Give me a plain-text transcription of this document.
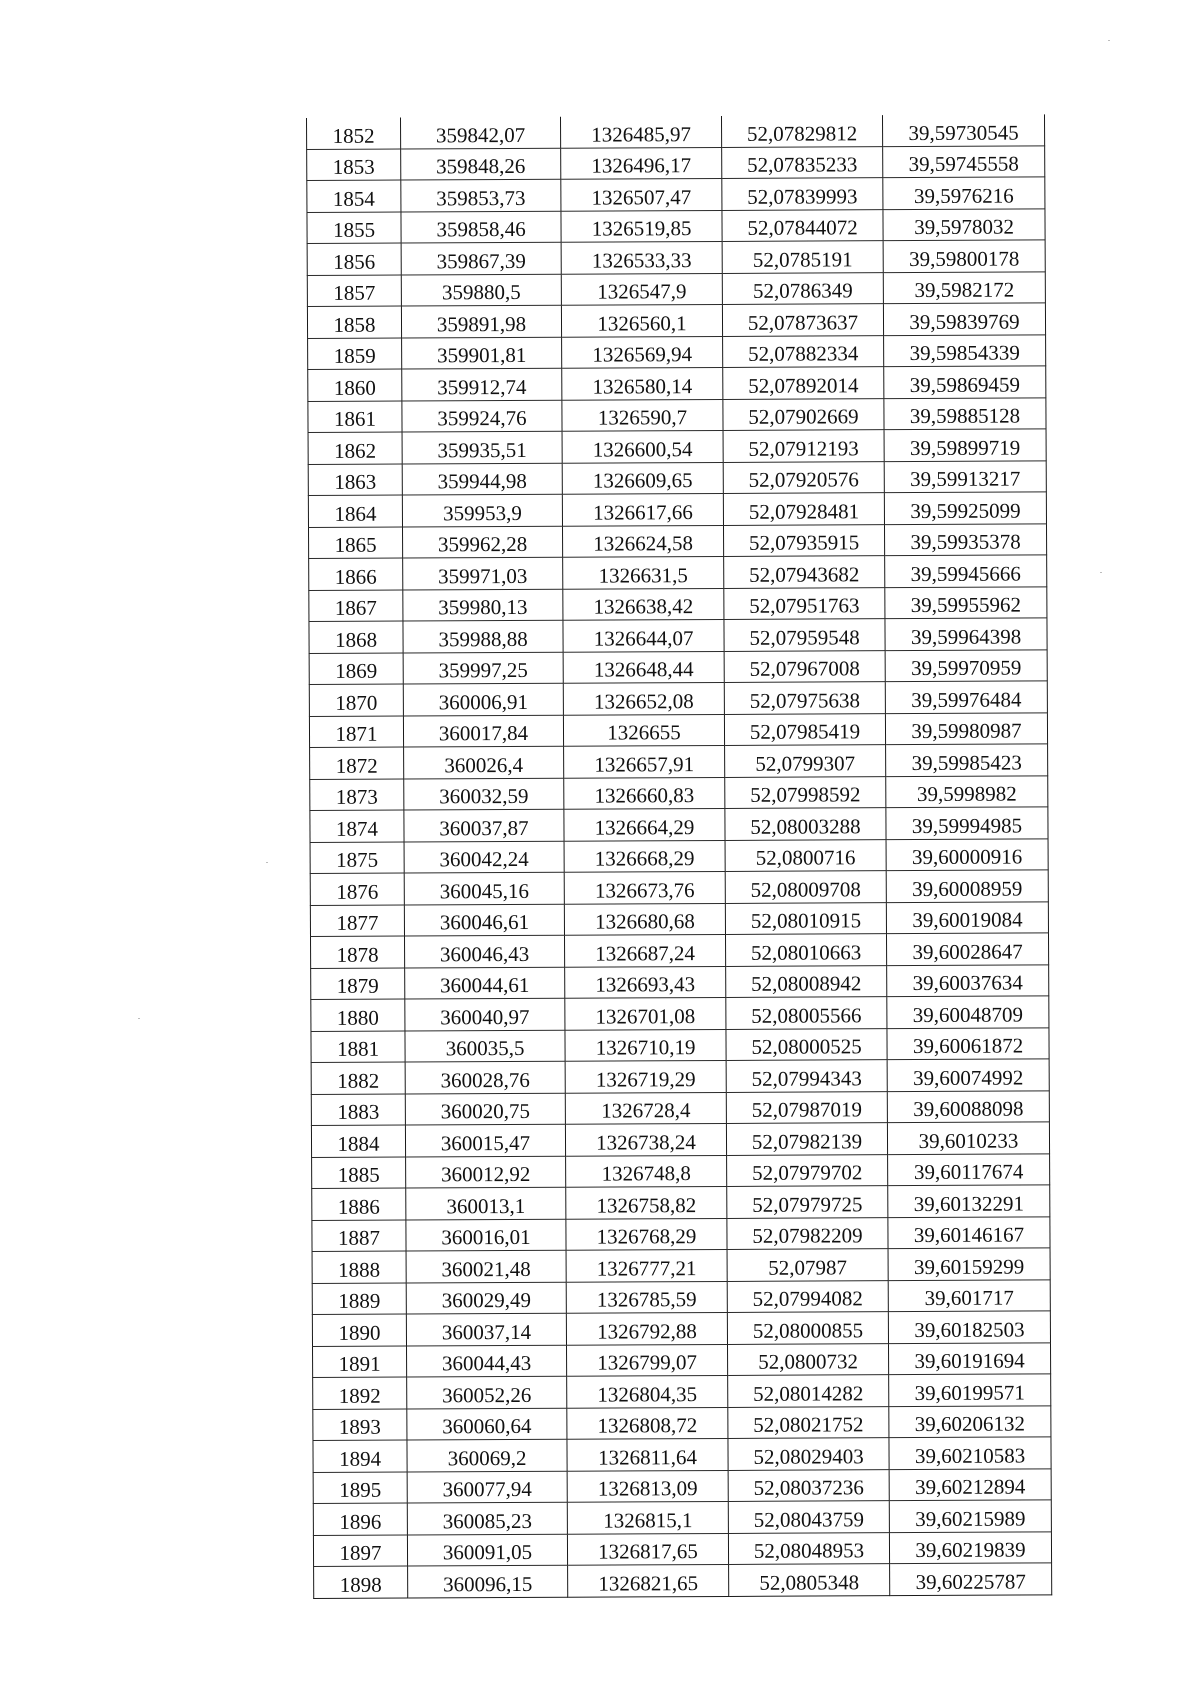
1852	359842,07	1326485,97	52,07829812	39,59730545
1853	359848,26	1326496,17	52,07835233	39,59745558
1854	359853,73	1326507,47	52,07839993	39,5976216
1855	359858,46	1326519,85	52,07844072	39,5978032
1856	359867,39	1326533,33	52,0785191	39,59800178
1857	359880,5	1326547,9	52,0786349	39,5982172
1858	359891,98	1326560,1	52,07873637	39,59839769
1859	359901,81	1326569,94	52,07882334	39,59854339
1860	359912,74	1326580,14	52,07892014	39,59869459
1861	359924,76	1326590,7	52,07902669	39,59885128
1862	359935,51	1326600,54	52,07912193	39,59899719
1863	359944,98	1326609,65	52,07920576	39,59913217
1864	359953,9	1326617,66	52,07928481	39,59925099
1865	359962,28	1326624,58	52,07935915	39,59935378
1866	359971,03	1326631,5	52,07943682	39,59945666
1867	359980,13	1326638,42	52,07951763	39,59955962
1868	359988,88	1326644,07	52,07959548	39,59964398
1869	359997,25	1326648,44	52,07967008	39,59970959
1870	360006,91	1326652,08	52,07975638	39,59976484
1871	360017,84	1326655	52,07985419	39,59980987
1872	360026,4	1326657,91	52,0799307	39,59985423
1873	360032,59	1326660,83	52,07998592	39,5998982
1874	360037,87	1326664,29	52,08003288	39,59994985
1875	360042,24	1326668,29	52,0800716	39,60000916
1876	360045,16	1326673,76	52,08009708	39,60008959
1877	360046,61	1326680,68	52,08010915	39,60019084
1878	360046,43	1326687,24	52,08010663	39,60028647
1879	360044,61	1326693,43	52,08008942	39,60037634
1880	360040,97	1326701,08	52,08005566	39,60048709
1881	360035,5	1326710,19	52,08000525	39,60061872
1882	360028,76	1326719,29	52,07994343	39,60074992
1883	360020,75	1326728,4	52,07987019	39,60088098
1884	360015,47	1326738,24	52,07982139	39,6010233
1885	360012,92	1326748,8	52,07979702	39,60117674
1886	360013,1	1326758,82	52,07979725	39,60132291
1887	360016,01	1326768,29	52,07982209	39,60146167
1888	360021,48	1326777,21	52,07987	39,60159299
1889	360029,49	1326785,59	52,07994082	39,601717
1890	360037,14	1326792,88	52,08000855	39,60182503
1891	360044,43	1326799,07	52,0800732	39,60191694
1892	360052,26	1326804,35	52,08014282	39,60199571
1893	360060,64	1326808,72	52,08021752	39,60206132
1894	360069,2	1326811,64	52,08029403	39,60210583
1895	360077,94	1326813,09	52,08037236	39,60212894
1896	360085,23	1326815,1	52,08043759	39,60215989
1897	360091,05	1326817,65	52,08048953	39,60219839
1898	360096,15	1326821,65	52,0805348	39,60225787
